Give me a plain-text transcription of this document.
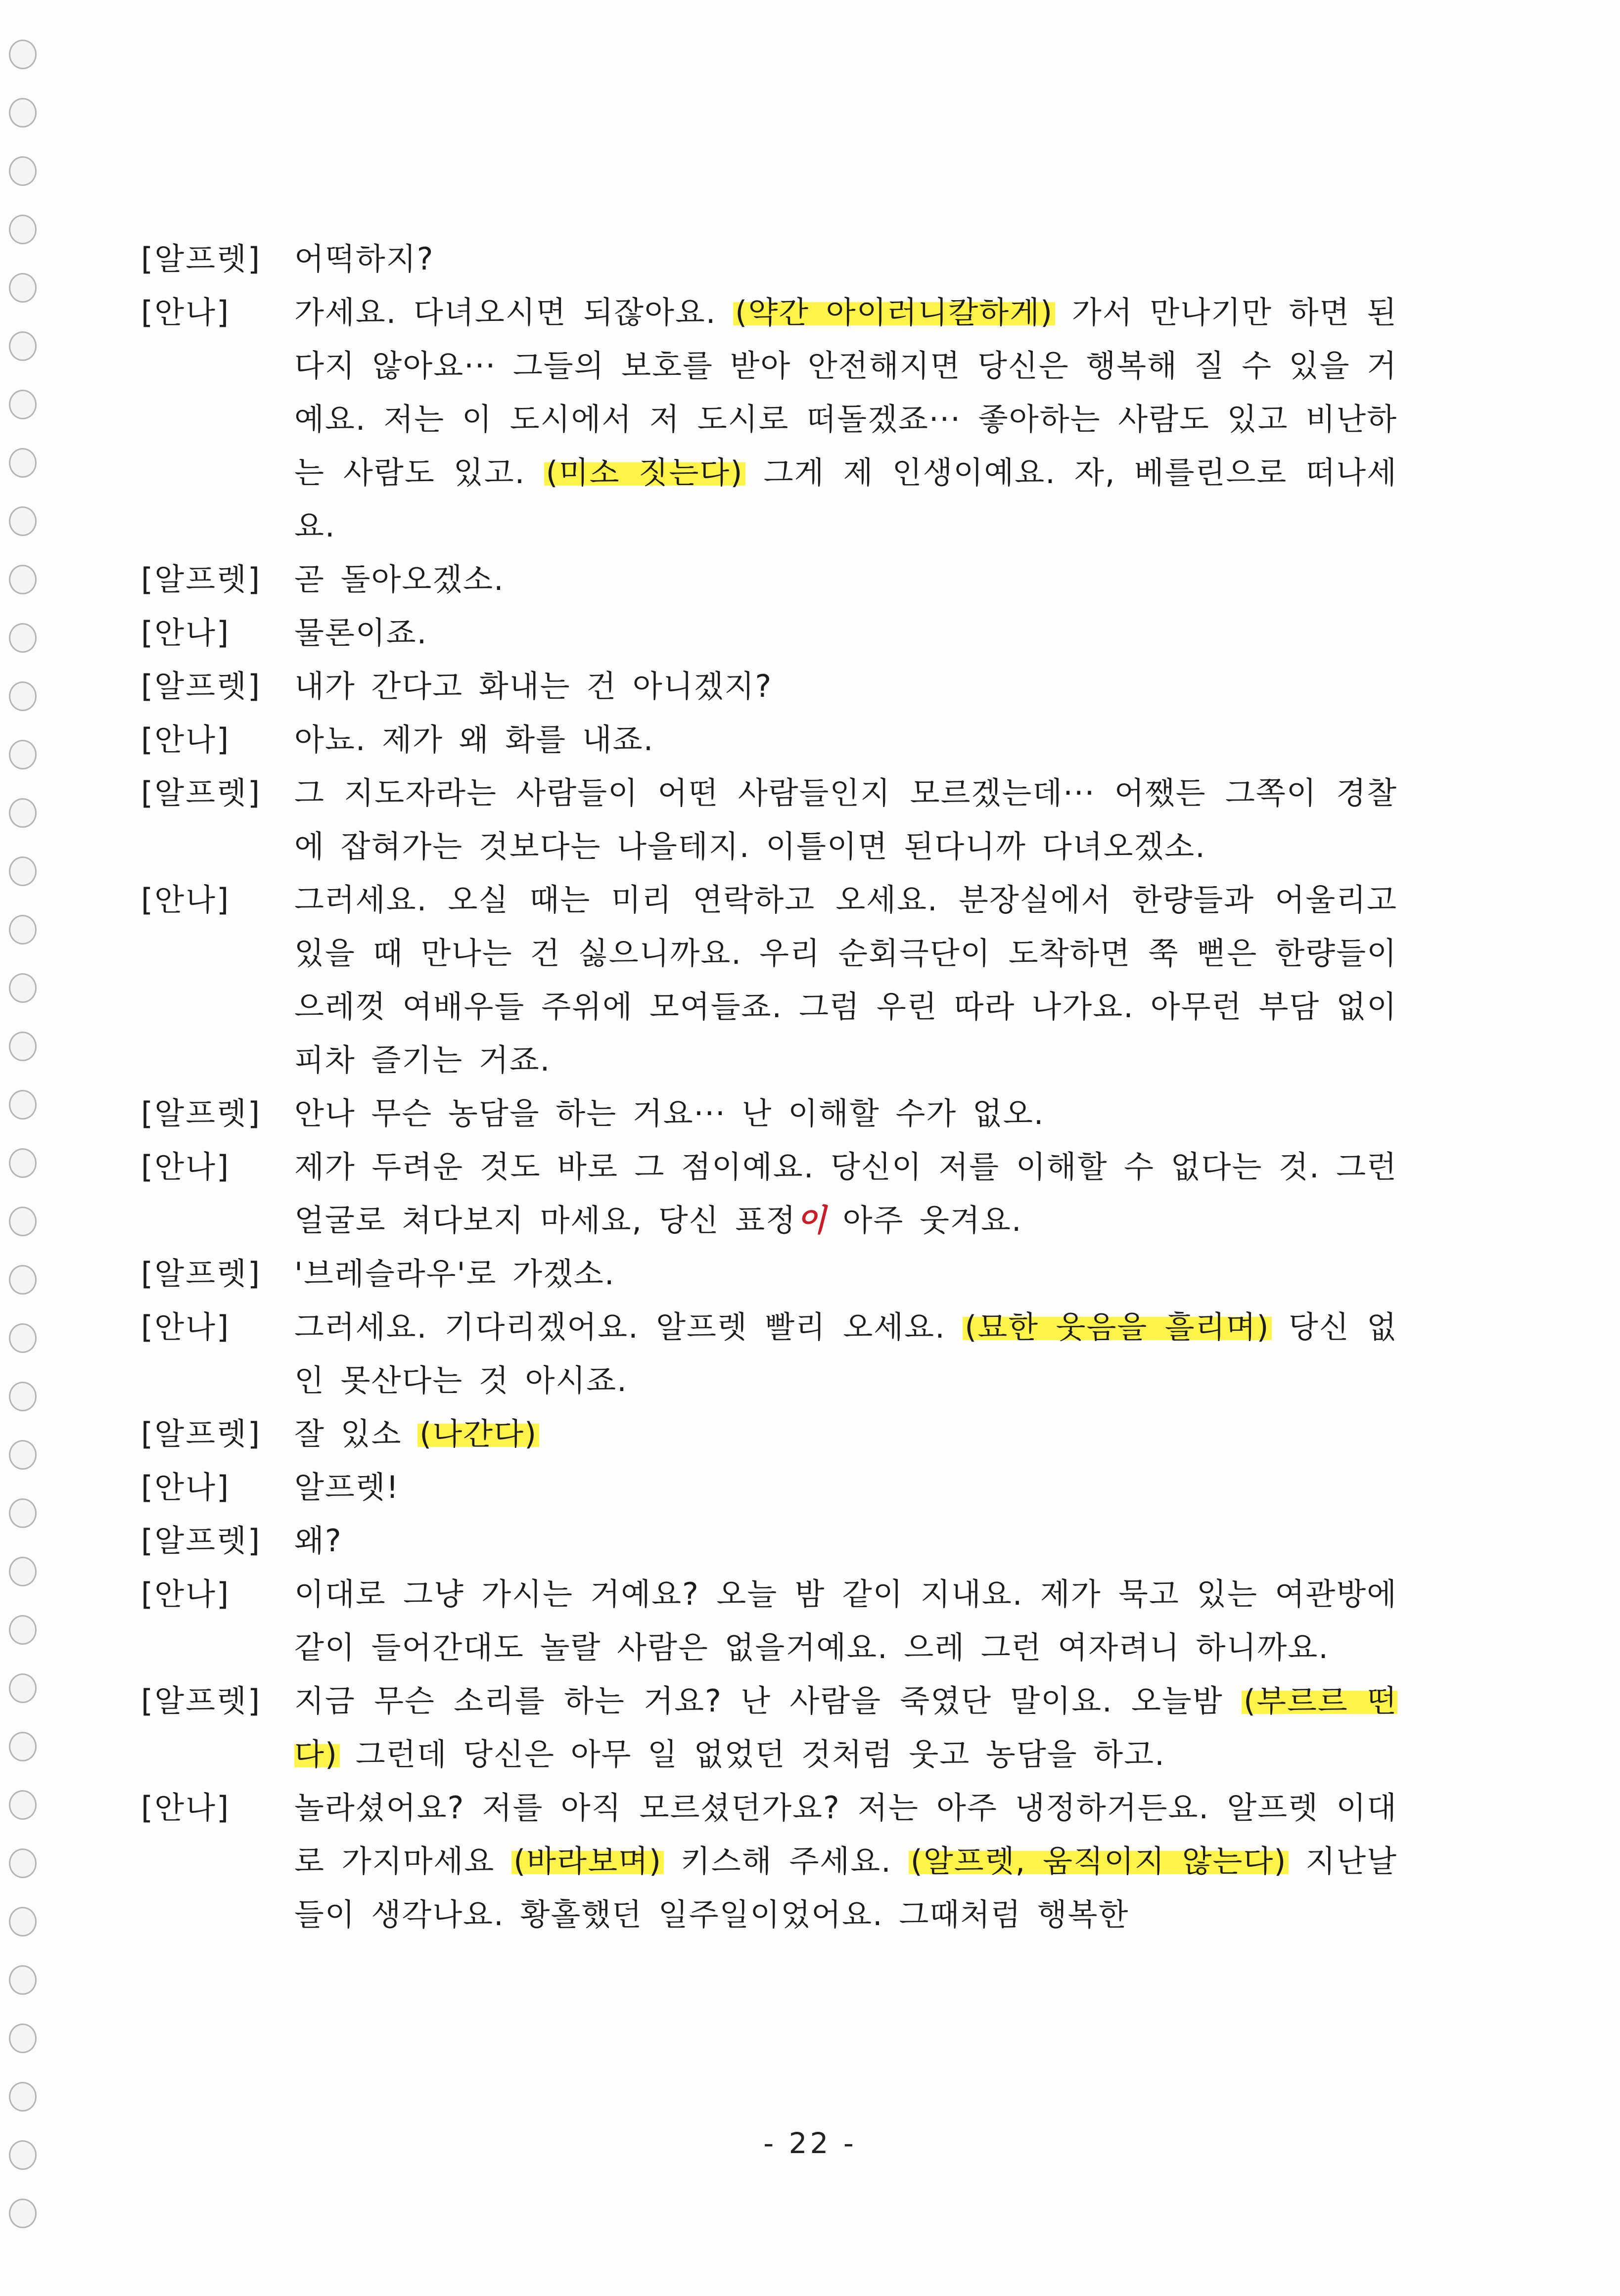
[알프렛]	어떡하지?
[안나]	가세요. 다녀오시면 되잖아요. (약간 아이러니칼하게) 가서 만나기만 하면 된다지 않아요··· 그들의 보호를 받아 안전해지면 당신은 행복해 질 수 있을 거예요. 저는 이 도시에서 저 도시로 떠돌겠죠··· 좋아하는 사람도 있고 비난하는 사람도 있고. (미소 짓는다) 그게 제 인생이예요. 자, 베를린으로 떠나세요.
[알프렛]	곧 돌아오겠소.
[안나]	물론이죠.
[알프렛]	내가 간다고 화내는 건 아니겠지?
[안나]	아뇨. 제가 왜 화를 내죠.
[알프렛]	그 지도자라는 사람들이 어떤 사람들인지 모르겠는데··· 어쨌든 그쪽이 경찰에 잡혀가는 것보다는 나을테지. 이틀이면 된다니까 다녀오겠소.
[안나]	그러세요. 오실 때는 미리 연락하고 오세요. 분장실에서 한량들과 어울리고 있을 때 만나는 건 싫으니까요. 우리 순회극단이 도착하면 쭉 뻗은 한량들이 으레껏 여배우들 주위에 모여들죠. 그럼 우린 따라 나가요. 아무런 부담 없이 피차 즐기는 거죠.
[알프렛]	안나 무슨 농담을 하는 거요··· 난 이해할 수가 없오.
[안나]	제가 두려운 것도 바로 그 점이예요. 당신이 저를 이해할 수 없다는 것. 그런 얼굴로 쳐다보지 마세요, 당신 표정이 아주 웃겨요.
[알프렛]	'브레슬라우'로 가겠소.
[안나]	그러세요. 기다리겠어요. 알프렛 빨리 오세요. (묘한 웃음을 흘리며) 당신 없인 못산다는 것 아시죠.
[알프렛]	잘 있소 (나간다)
[안나]	알프렛!
[알프렛]	왜?
[안나]	이대로 그냥 가시는 거예요? 오늘 밤 같이 지내요. 제가 묵고 있는 여관방에 같이 들어간대도 놀랄 사람은 없을거예요. 으레 그런 여자려니 하니까요.
[알프렛]	지금 무슨 소리를 하는 거요? 난 사람을 죽였단 말이요. 오늘밤 (부르르 떤다) 그런데 당신은 아무 일 없었던 것처럼 웃고 농담을 하고.
[안나]	놀라셨어요? 저를 아직 모르셨던가요? 저는 아주 냉정하거든요. 알프렛 이대로 가지마세요 (바라보며) 키스해 주세요. (알프렛, 움직이지 않는다) 지난날들이 생각나요. 황홀했던 일주일이었어요. 그때처럼 행복한
- 22 -
